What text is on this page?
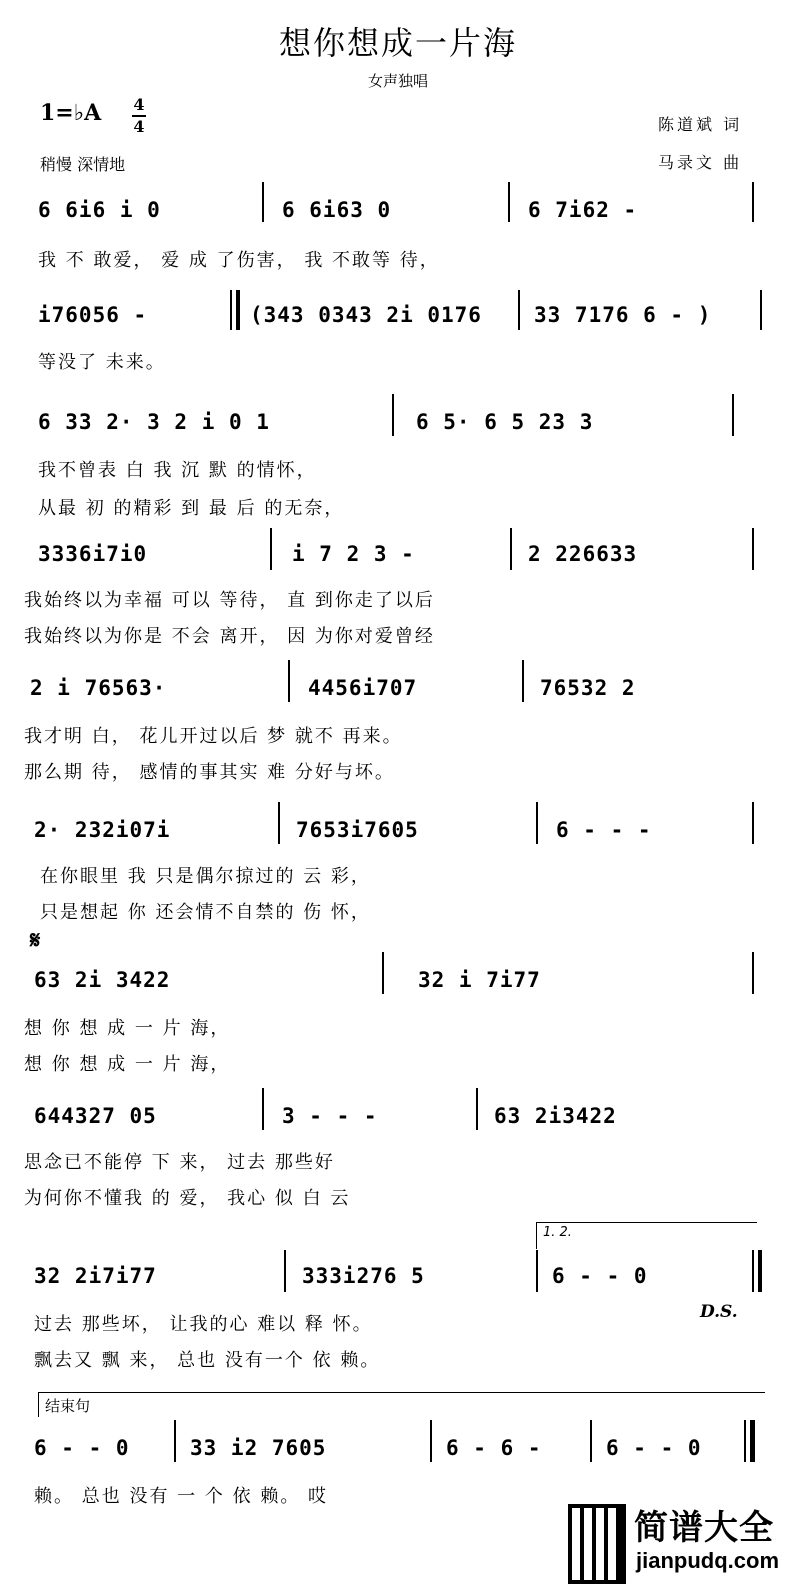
想你想成一片海
女声独唱
1=♭A 4
4
稍慢 深情地
陈道斌 词
马录文 曲
6 6i6 i 0	6 6i63 0	6 7i62 -
我 不 敢爱， 爱 成 了伤害， 我 不敢等 待，
i76056 -	(343 0343 2i 0176 33 7176 6 - )
等没了 未来。
6 33 2· 3 2 i 0 1	6 5· 6 5 23 3
我不曾表 白 我 沉 默 的情怀，
从最 初 的精彩 到 最 后 的无奈，
3336i7i0	i 7 2 3 -	2 226633
我始终以为幸福 可以 等待， 直 到你走了以后
我始终以为你是 不会 离开， 因 为你对爱曾经
2 i 76563·	4456i707	76532 2
我才明 白， 花儿开过以后 梦 就不 再来。
那么期 待， 感情的事其实 难 分好与坏。
2· 232i07i	7653i7605	6 - - -
在你眼里 我 只是偶尔掠过的 云 彩，
只是想起 你 还会情不自禁的 伤 怀，
𝄋
63 2i 3422	32 i 7i77
想 你 想 成 一 片 海，
想 你 想 成 一 片 海，
644327 05	3 - - -	63 2i3422
思念已不能停 下 来， 过去 那些好
为何你不懂我 的 爱， 我心 似 白 云
1. 2.
32 2i7i77	333i276 5	6 - - 0
D.S.
过去 那些坏， 让我的心 难以 释 怀。
飘去又 飘 来， 总也 没有一个 依 赖。
结束句
6 - - 0	33 i2 7605	6 - 6 -	6 - - 0
赖。 总也 没有 一 个 依 赖。 哎
简谱大全
jianpudq.com
